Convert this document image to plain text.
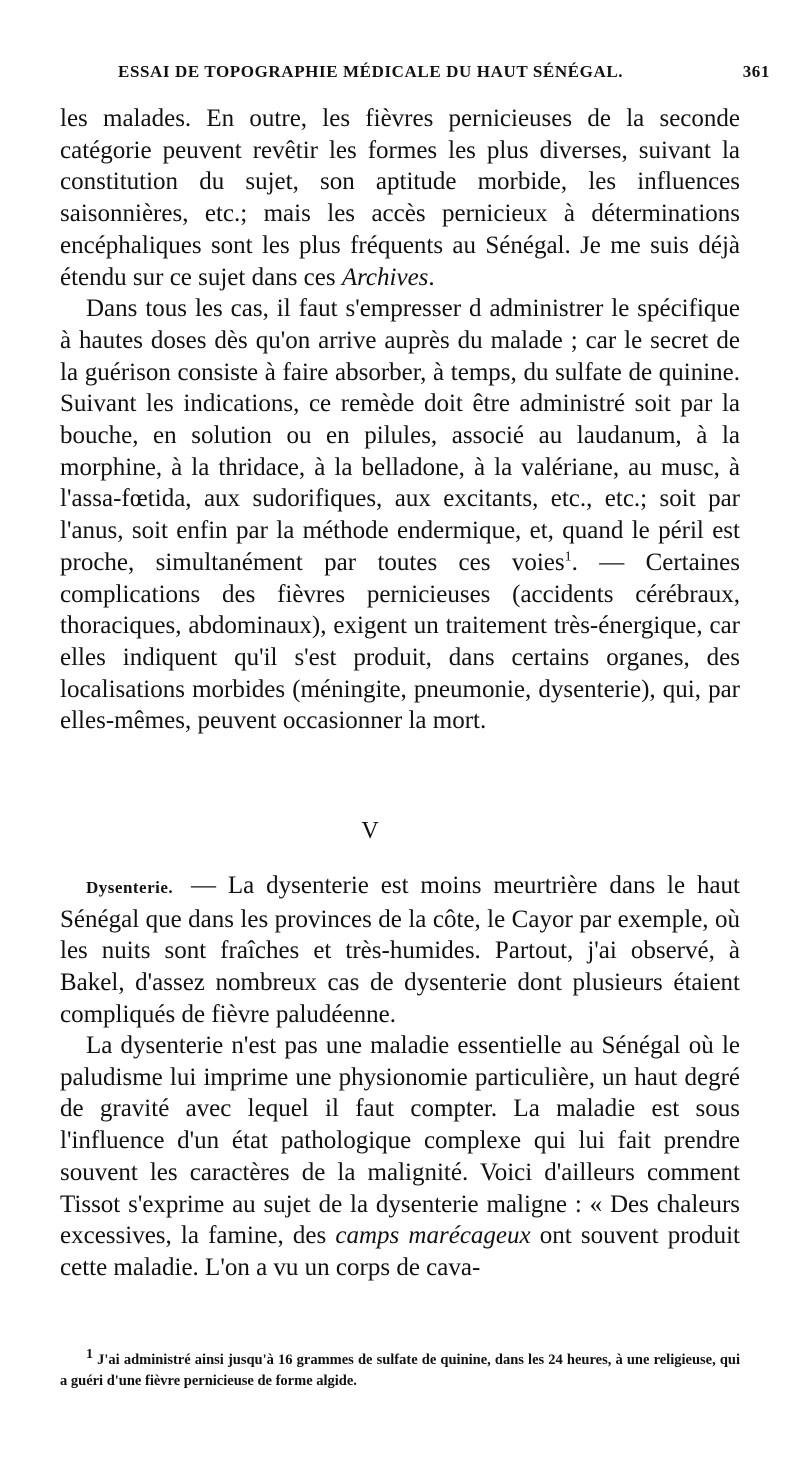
ESSAI DE TOPOGRAPHIE MÉDICALE DU HAUT SÉNÉGAL.	361

les malades. En outre, les fièvres pernicieuses de la seconde catégorie peuvent revêtir les formes les plus diverses, suivant la constitution du sujet, son aptitude morbide, les influences saisonnières, etc.; mais les accès pernicieux à déterminations encéphaliques sont les plus fréquents au Sénégal. Je me suis déjà étendu sur ce sujet dans ces Archives.

Dans tous les cas, il faut s'empresser d administrer le spécifique à hautes doses dès qu'on arrive auprès du malade ; car le secret de la guérison consiste à faire absorber, à temps, du sulfate de quinine. Suivant les indications, ce remède doit être administré soit par la bouche, en solution ou en pilules, associé au laudanum, à la morphine, à la thridace, à la belladone, à la valériane, au musc, à l'assa-fœtida, aux sudorifiques, aux excitants, etc., etc.; soit par l'anus, soit enfin par la méthode endermique, et, quand le péril est proche, simultanément par toutes ces voies$^1$. — Certaines complications des fièvres pernicieuses (accidents cérébraux, thoraciques, abdominaux), exigent un traitement très-énergique, car elles indiquent qu'il s'est produit, dans certains organes, des localisations morbides (méningite, pneumonie, dysenterie), qui, par elles-mêmes, peuvent occasionner la mort.

V

Dysenterie. — La dysenterie est moins meurtrière dans le haut Sénégal que dans les provinces de la côte, le Cayor par exemple, où les nuits sont fraîches et très-humides. Partout, j'ai observé, à Bakel, d'assez nombreux cas de dysenterie dont plusieurs étaient compliqués de fièvre paludéenne.

La dysenterie n'est pas une maladie essentielle au Sénégal où le paludisme lui imprime une physionomie particulière, un haut degré de gravité avec lequel il faut compter. La maladie est sous l'influence d'un état pathologique complexe qui lui fait prendre souvent les caractères de la malignité. Voici d'ailleurs comment Tissot s'exprime au sujet de la dysenterie maligne : « Des chaleurs excessives, la famine, des camps marécageux ont souvent produit cette maladie. L'on a vu un corps de cava-

$^1$ J'ai administré ainsi jusqu'à 16 grammes de sulfate de quinine, dans les 24 heures, à une religieuse, qui a guéri d'une fièvre pernicieuse de forme algide.
